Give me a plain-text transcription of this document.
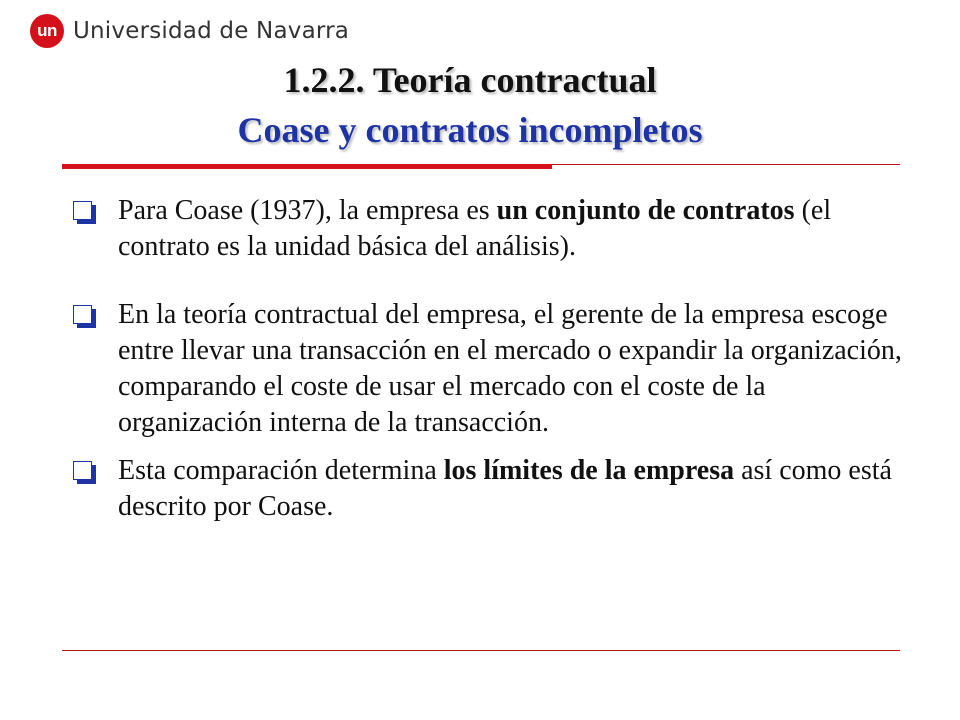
un Universidad de Navarra
1.2.2. Teoría contractual
Coase y contratos incompletos
Para Coase (1937), la empresa es un conjunto de contratos (el contrato es la unidad básica del análisis).
En la teoría contractual del empresa, el gerente de la empresa escoge entre llevar una transacción en el mercado o expandir la organización, comparando el coste de usar el mercado con el coste de la organización interna de la transacción.
Esta comparación determina los límites de la empresa así como está descrito por Coase.
